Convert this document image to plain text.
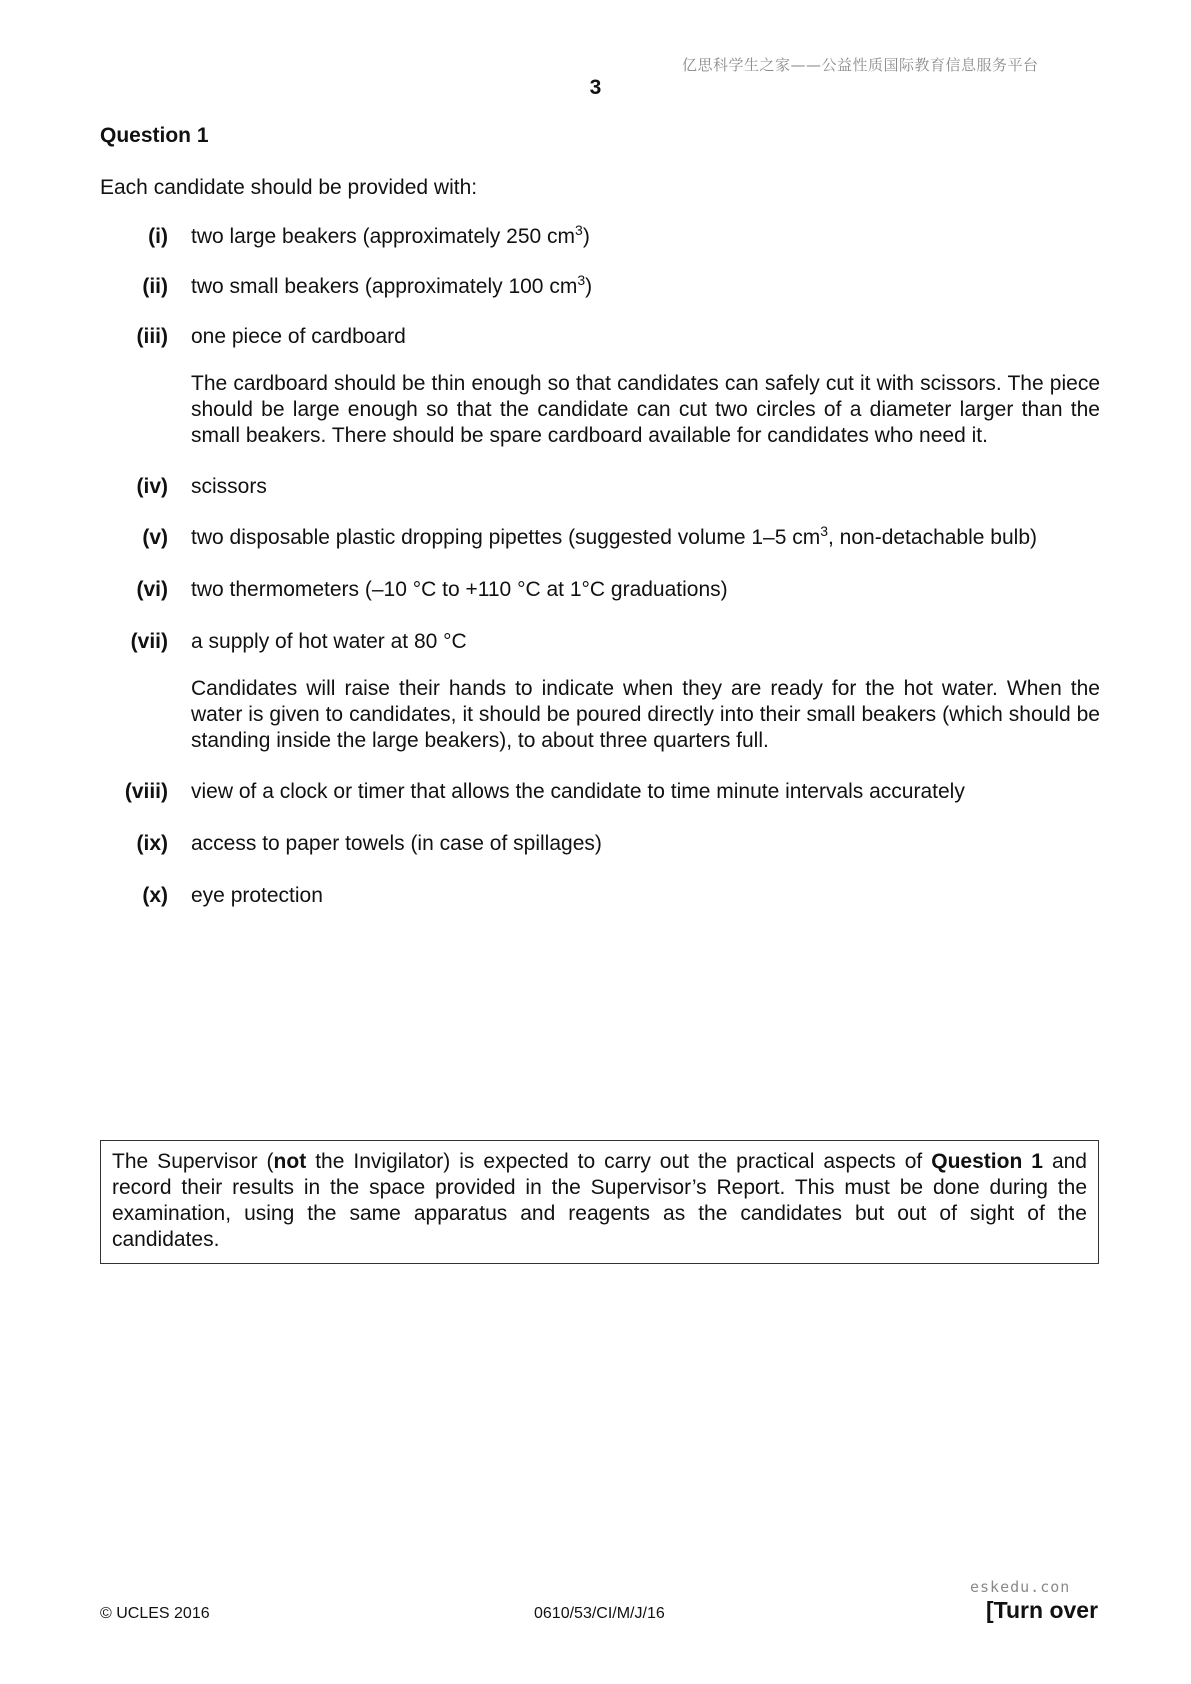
亿思科学生之家——公益性质国际教育信息服务平台
3
Question 1
Each candidate should be provided with:
(i) two large beakers (approximately 250 $cm^3$)
(ii) two small beakers (approximately 100 $cm^3$)
(iii) one piece of cardboard
The cardboard should be thin enough so that candidates can safely cut it with scissors. The piece should be large enough so that the candidate can cut two circles of a diameter larger than the small beakers. There should be spare cardboard available for candidates who need it.
(iv) scissors
(v) two disposable plastic dropping pipettes (suggested volume 1–5 $cm^3$, non-detachable bulb)
(vi) two thermometers (–10 °C to +110 °C at 1°C graduations)
(vii) a supply of hot water at 80 °C
Candidates will raise their hands to indicate when they are ready for the hot water. When the water is given to candidates, it should be poured directly into their small beakers (which should be standing inside the large beakers), to about three quarters full.
(viii) view of a clock or timer that allows the candidate to time minute intervals accurately
(ix) access to paper towels (in case of spillages)
(x) eye protection
The Supervisor (not the Invigilator) is expected to carry out the practical aspects of Question 1 and record their results in the space provided in the Supervisor’s Report. This must be done during the examination, using the same apparatus and reagents as the candidates but out of sight of the candidates.
© UCLES 2016	0610/53/CI/M/J/16
eskedu.con
[Turn over
